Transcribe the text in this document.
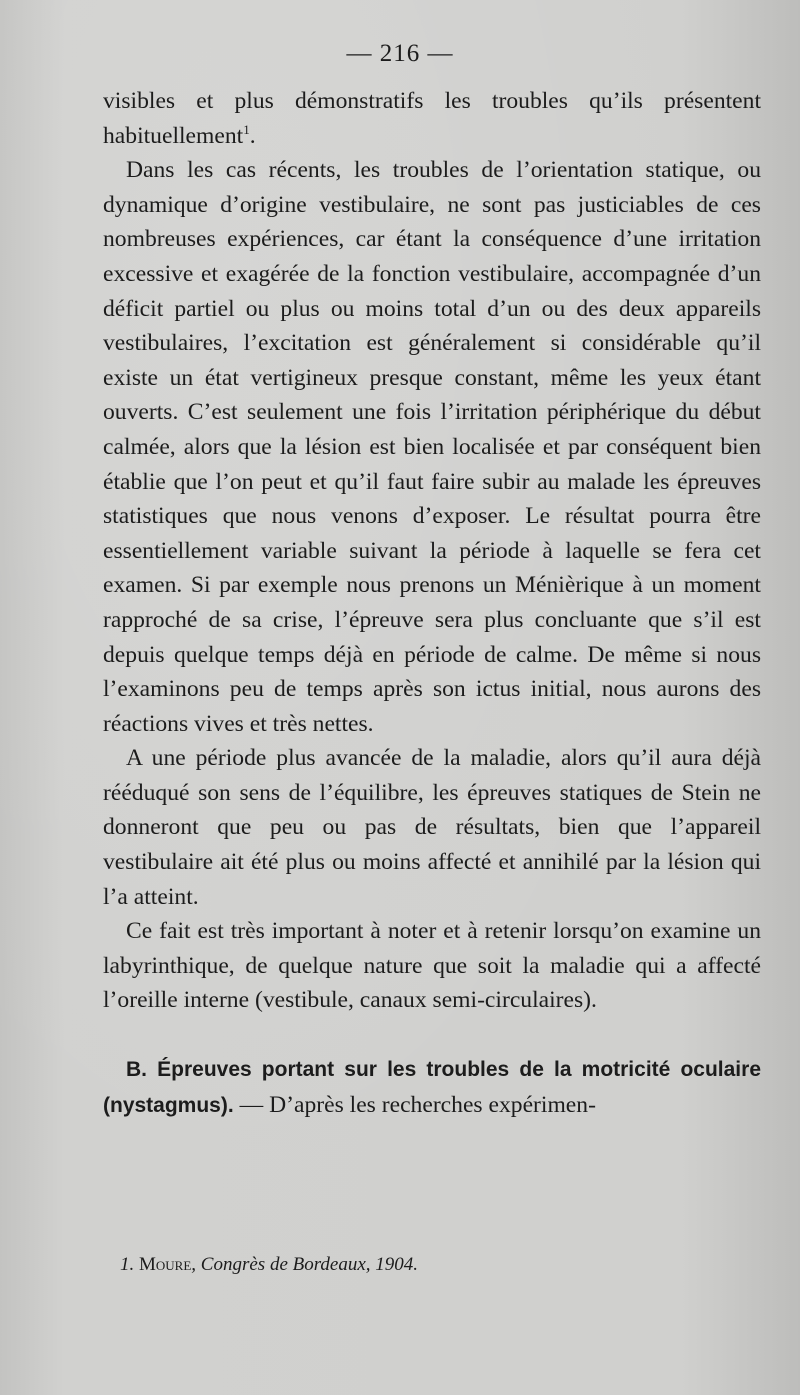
— 216 —

visibles et plus démonstratifs les troubles qu’ils présentent habituellement$^1$.

Dans les cas récents, les troubles de l’orientation statique, ou dynamique d’origine vestibulaire, ne sont pas justiciables de ces nombreuses expériences, car étant la conséquence d’une irritation excessive et exagérée de la fonction vestibulaire, accompagnée d’un déficit partiel ou plus ou moins total d’un ou des deux appareils vestibulaires, l’excitation est généralement si considérable qu’il existe un état vertigineux presque constant, même les yeux étant ouverts. C’est seulement une fois l’irritation périphérique du début calmée, alors que la lésion est bien localisée et par conséquent bien établie que l’on peut et qu’il faut faire subir au malade les épreuves statistiques que nous venons d’exposer. Le résultat pourra être essentiellement variable suivant la période à laquelle se fera cet examen. Si par exemple nous prenons un Ménièrique à un moment rapproché de sa crise, l’épreuve sera plus concluante que s’il est depuis quelque temps déjà en période de calme. De même si nous l’examinons peu de temps après son ictus initial, nous aurons des réactions vives et très nettes.

A une période plus avancée de la maladie, alors qu’il aura déjà rééduqué son sens de l’équilibre, les épreuves statiques de Stein ne donneront que peu ou pas de résultats, bien que l’appareil vestibulaire ait été plus ou moins affecté et annihilé par la lésion qui l’a atteint.

Ce fait est très important à noter et à retenir lorsqu’on examine un labyrinthique, de quelque nature que soit la maladie qui a affecté l’oreille interne (vestibule, canaux semi-circulaires).

B. Épreuves portant sur les troubles de la motricité oculaire (nystagmus). — D’après les recherches expérimen-

1. Moure, Congrès de Bordeaux, 1904.
